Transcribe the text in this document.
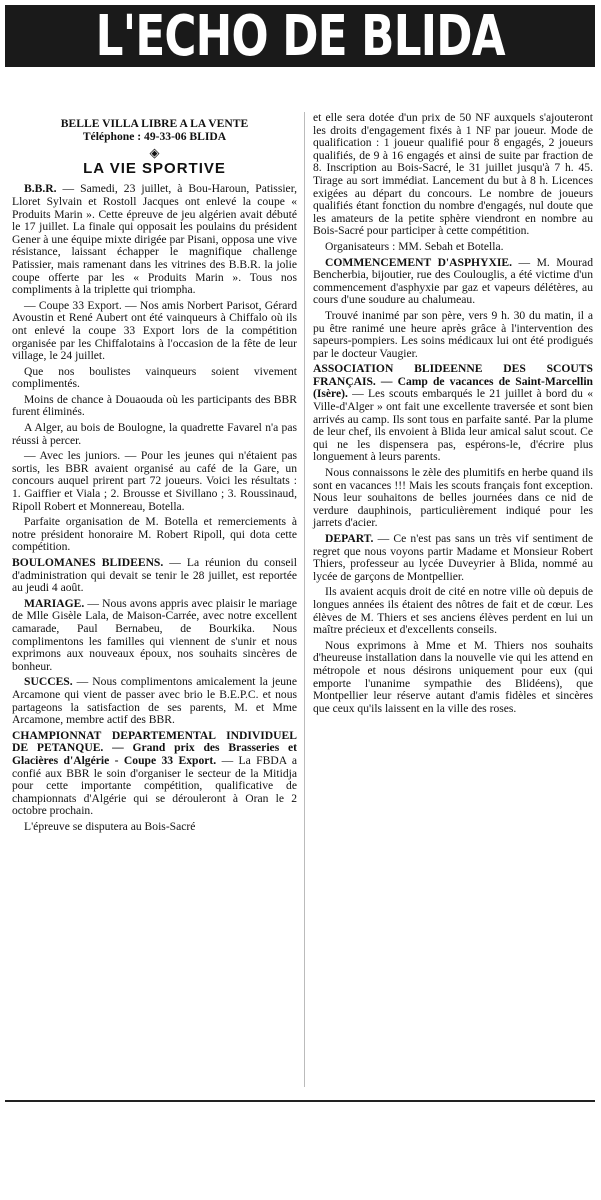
L'ECHO DE BLIDA
BELLE VILLA LIBRE A LA VENTE
Téléphone : 49-33-06 BLIDA
◈
LA VIE SPORTIVE

B.B.R. — Samedi, 23 juillet, à Bou-Haroun, Patissier, Lloret Sylvain et Rostoll Jacques ont enlevé la coupe « Produits Marin ». Cette épreuve de jeu algérien avait débuté le 17 juillet. La finale qui opposait les poulains du président Gener à une équipe mixte dirigée par Pisani, opposa une vive résistance, laissant échapper le magnifique challenge Patissier, mais ramenant dans les vitrines des B.B.R. la jolie coupe offerte par les « Produits Marin ». Tous nos compliments à la triplette qui triompha.

— Coupe 33 Export. — Nos amis Norbert Parisot, Gérard Avoustin et René Aubert ont été vainqueurs à Chiffalo où ils ont enlevé la coupe 33 Export lors de la compétition organisée par les Chiffalotains à l'occasion de la fête de leur village, le 24 juillet.

Que nos boulistes vainqueurs soient vivement complimentés.

Moins de chance à Douaouda où les participants des BBR furent éliminés.

A Alger, au bois de Boulogne, la quadrette Favarel n'a pas réussi à percer.

— Avec les juniors. — Pour les jeunes qui n'étaient pas sortis, les BBR avaient organisé au café de la Gare, un concours auquel prirent part 72 joueurs. Voici les résultats : 1. Gaiffier et Viala ; 2. Brousse et Sivillano ; 3. Roussinaud, Ripoll Robert et Monnereau, Botella.

Parfaite organisation de M. Botella et remerciements à notre président honoraire M. Robert Ripoll, qui dota cette compétition.

BOULOMANES BLIDEENS. — La réunion du conseil d'administration qui devait se tenir le 28 juillet, est reportée au jeudi 4 août.

MARIAGE. — Nous avons appris avec plaisir le mariage de Mlle Gisèle Lala, de Maison-Carrée, avec notre excellent camarade, Paul Bernabeu, de Bourkika. Nous complimentons les familles qui viennent de s'unir et nous exprimons aux nouveaux époux, nos souhaits sincères de bonheur.

SUCCES. — Nous complimentons amicalement la jeune Arcamone qui vient de passer avec brio le B.E.P.C. et nous partageons la satisfaction de ses parents, M. et Mme Arcamone, membre actif des BBR.

CHAMPIONNAT DEPARTEMENTAL INDIVIDUEL DE PETANQUE. — Grand prix des Brasseries et Glacières d'Algérie - Coupe 33 Export. — La FBDA a confié aux BBR le soin d'organiser le secteur de la Mitidja pour cette importante compétition, qualificative de championnats d'Algérie qui se dérouleront à Oran le 2 octobre prochain.

L'épreuve se disputera au Bois-Sacré

et elle sera dotée d'un prix de 50 NF auxquels s'ajouteront les droits d'engagement fixés à 1 NF par joueur. Mode de qualification : 1 joueur qualifié pour 8 engagés, 2 joueurs qualifiés, de 9 à 16 engagés et ainsi de suite par fraction de 8. Inscription au Bois-Sacré, le 31 juillet jusqu'à 7 h. 45. Tirage au sort immédiat. Lancement du but à 8 h. Licences exigées au départ du concours. Le nombre de joueurs qualifiés étant fonction du nombre d'engagés, nul doute que les amateurs de la petite sphère viendront en nombre au Bois-Sacré pour participer à cette compétition.

Organisateurs : MM. Sebah et Botella.

COMMENCEMENT D'ASPHYXIE. — M. Mourad Bencherbia, bijoutier, rue des Coulouglis, a été victime d'un commencement d'asphyxie par gaz et vapeurs délétères, au cours d'une soudure au chalumeau.

Trouvé inanimé par son père, vers 9 h. 30 du matin, il a pu être ranimé une heure après grâce à l'intervention des sapeurs-pompiers. Les soins médicaux lui ont été prodigués par le docteur Vaugier.

ASSOCIATION BLIDEENNE DES SCOUTS FRANÇAIS. — Camp de vacances de Saint-Marcellin (Isère). — Les scouts embarqués le 21 juillet à bord du « Ville-d'Alger » ont fait une excellente traversée et sont bien arrivés au camp. Ils sont tous en parfaite santé. Par la plume de leur chef, ils envoient à Blida leur amical salut scout. Ce qui ne les dispensera pas, espérons-le, d'écrire plus longuement à leurs parents.

Nous connaissons le zèle des plumitifs en herbe quand ils sont en vacances !!! Mais les scouts français font exception. Nous leur souhaitons de belles journées dans ce nid de verdure dauphinois, particulièrement indiqué pour les jarrets d'acier.

DEPART. — Ce n'est pas sans un très vif sentiment de regret que nous voyons partir Madame et Monsieur Robert Thiers, professeur au lycée Duveyrier à Blida, nommé au lycée de garçons de Montpellier.

Ils avaient acquis droit de cité en notre ville où depuis de longues années ils étaient des nôtres de fait et de cœur. Les élèves de M. Thiers et ses anciens élèves perdent en lui un maître précieux et d'excellents conseils.

Nous exprimons à Mme et M. Thiers nos souhaits d'heureuse installation dans la nouvelle vie qui les attend en métropole et nous désirons uniquement pour eux (qui emporte l'unanime sympathie des Blidéens), que Montpellier leur réserve autant d'amis fidèles et sincères que ceux qu'ils laissent en la ville des roses.
